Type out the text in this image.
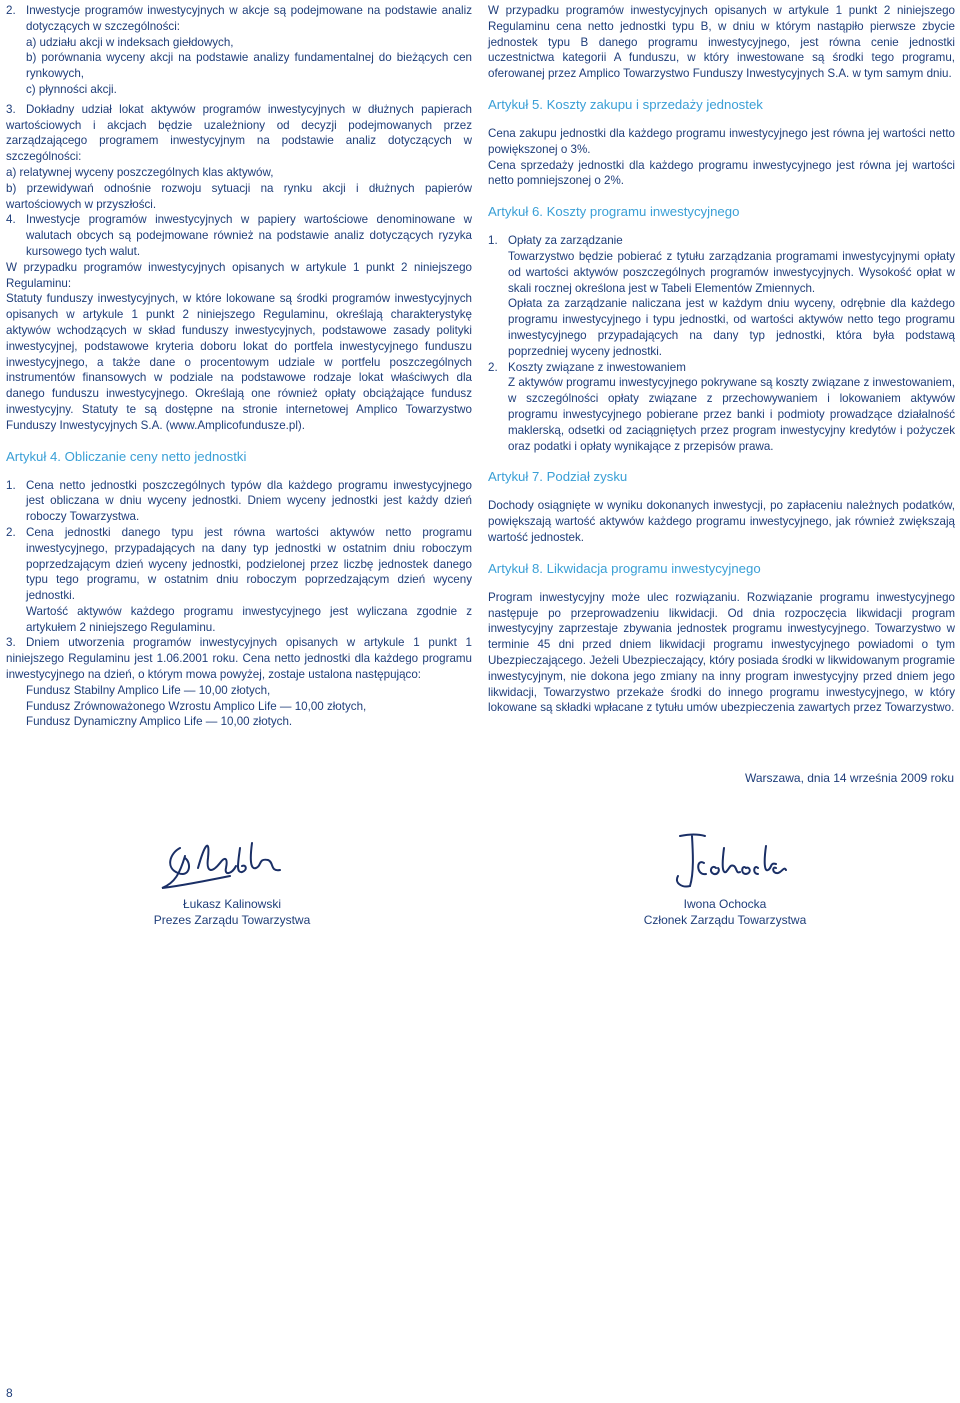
2. Inwestycje programów inwestycyjnych w akcje są podejmowane na podstawie analiz dotyczących w szczególności:

a) udziału akcji w indeksach giełdowych,

b) porównania wyceny akcji na podstawie analizy fundamentalnej do bieżących cen rynkowych,

c) płynności akcji.

3. Dokładny udział lokat aktywów programów inwestycyjnych w dłużnych papierach wartościowych i akcjach będzie uzależniony od decyzji podejmowanych przez zarządzającego programem inwestycyjnym na podstawie analiz dotyczących w szczególności:

a) relatywnej wyceny poszczególnych klas aktywów,

b) przewidywań odnośnie rozwoju sytuacji na rynku akcji i dłużnych papierów wartościowych w przyszłości.

4. Inwestycje programów inwestycyjnych w papiery wartościowe denominowane w walutach obcych są podejmowane również na podstawie analiz dotyczących ryzyka kursowego tych walut.

W przypadku programów inwestycyjnych opisanych w artykule 1 punkt 2 niniejszego Regulaminu:

Statuty funduszy inwestycyjnych, w które lokowane są środki programów inwestycyjnych opisanych w artykule 1 punkt 2 niniejszego Regulaminu, określają charakterystykę aktywów wchodzących w skład funduszy inwestycyjnych, podstawowe zasady polityki inwestycyjnej, podstawowe kryteria doboru lokat do portfela inwestycyjnego funduszu inwestycyjnego, a także dane o procentowym udziale w portfelu poszczególnych instrumentów finansowych w podziale na podstawowe rodzaje lokat właściwych dla danego funduszu inwestycyjnego. Określają one również opłaty obciążające fundusz inwestycyjny. Statuty te są dostępne na stronie internetowej Amplico Towarzystwo Funduszy Inwestycyjnych S.A. (www.Amplicofundusze.pl).

Artykuł 4. Obliczanie ceny netto jednostki
1. Cena netto jednostki poszczególnych typów dla każdego programu inwestycyjnego jest obliczana w dniu wyceny jednostki. Dniem wyceny jednostki jest każdy dzień roboczy Towarzystwa.

2. Cena jednostki danego typu jest równa wartości aktywów netto programu inwestycyjnego, przypadających na dany typ jednostki w ostatnim dniu roboczym poprzedzającym dzień wyceny jednostki, podzielonej przez liczbę jednostek danego typu tego programu, w ostatnim dniu roboczym poprzedzającym dzień wyceny jednostki.

Wartość aktywów każdego programu inwestycyjnego jest wyliczana zgodnie z artykułem 2 niniejszego Regulaminu.

3. Dniem utworzenia programów inwestycyjnych opisanych w artykule 1 punkt 1 niniejszego Regulaminu jest 1.06.2001 roku. Cena netto jednostki dla każdego programu inwestycyjnego na dzień, o którym mowa powyżej, zostaje ustalona następująco:

Fundusz Stabilny Amplico Life — 10,00 złotych,

Fundusz Zrównoważonego Wzrostu Amplico Life — 10,00 złotych,

Fundusz Dynamiczny Amplico Life — 10,00 złotych.

W przypadku programów inwestycyjnych opisanych w artykule 1 punkt 2 niniejszego Regulaminu cena netto jednostki typu B, w dniu w którym nastąpiło pierwsze zbycie jednostek typu B danego programu inwestycyjnego, jest równa cenie jednostki uczestnictwa kategorii A funduszu, w który inwestowane są środki tego programu, oferowanej przez Amplico Towarzystwo Funduszy Inwestycyjnych S.A. w tym samym dniu.

Artykuł 5. Koszty zakupu i sprzedaży jednostek

Cena zakupu jednostki dla każdego programu inwestycyjnego jest równa jej wartości netto powiększonej o 3%.

Cena sprzedaży jednostki dla każdego programu inwestycyjnego jest równa jej wartości netto pomniejszonej o 2%.

Artykuł 6. Koszty programu inwestycyjnego
1. Opłaty za zarządzanie

Towarzystwo będzie pobierać z tytułu zarządzania programami inwestycyjnymi opłaty od wartości aktywów poszczególnych programów inwestycyjnych. Wysokość opłat w skali rocznej określona jest w Tabeli Elementów Zmiennych.

Opłata za zarządzanie naliczana jest w każdym dniu wyceny, odrębnie dla każdego programu inwestycyjnego i typu jednostki, od wartości aktywów netto tego programu inwestycyjnego przypadających na dany typ jednostki, która była podstawą poprzedniej wyceny jednostki.

2. Koszty związane z inwestowaniem

Z aktywów programu inwestycyjnego pokrywane są koszty związane z inwestowaniem, w szczególności opłaty związane z przechowywaniem i lokowaniem aktywów programu inwestycyjnego pobierane przez banki i podmioty prowadzące działalność maklerską, odsetki od zaciągniętych przez program inwestycyjny kredytów i pożyczek oraz podatki i opłaty wynikające z przepisów prawa.

Artykuł 7. Podział zysku

Dochody osiągnięte w wyniku dokonanych inwestycji, po zapłaceniu należnych podatków, powiększają wartość aktywów każdego programu inwestycyjnego, jak również zwiększają wartość jednostek.

Artykuł 8. Likwidacja programu inwestycyjnego

Program inwestycyjny może ulec rozwiązaniu. Rozwiązanie programu inwestycyjnego następuje po przeprowadzeniu likwidacji. Od dnia rozpoczęcia likwidacji program inwestycyjny zaprzestaje zbywania jednostek programu inwestycyjnego. Towarzystwo w terminie 45 dni przed dniem likwidacji programu inwestycyjnego powiadomi o tym Ubezpieczającego. Jeżeli Ubezpieczający, który posiada środki w likwidowanym programie inwestycyjnym, nie dokona jego zmiany na inny program inwestycyjny przed dniem jego likwidacji, Towarzystwo przekaże środki do innego programu inwestycyjnego, w który lokowane są składki wpłacane z tytułu umów ubezpieczenia zawartych przez Towarzystwo.

Warszawa, dnia 14 września 2009 roku
Łukasz Kalinowski
Prezes Zarządu Towarzystwa
Iwona Ochocka
Członek Zarządu Towarzystwa
8
